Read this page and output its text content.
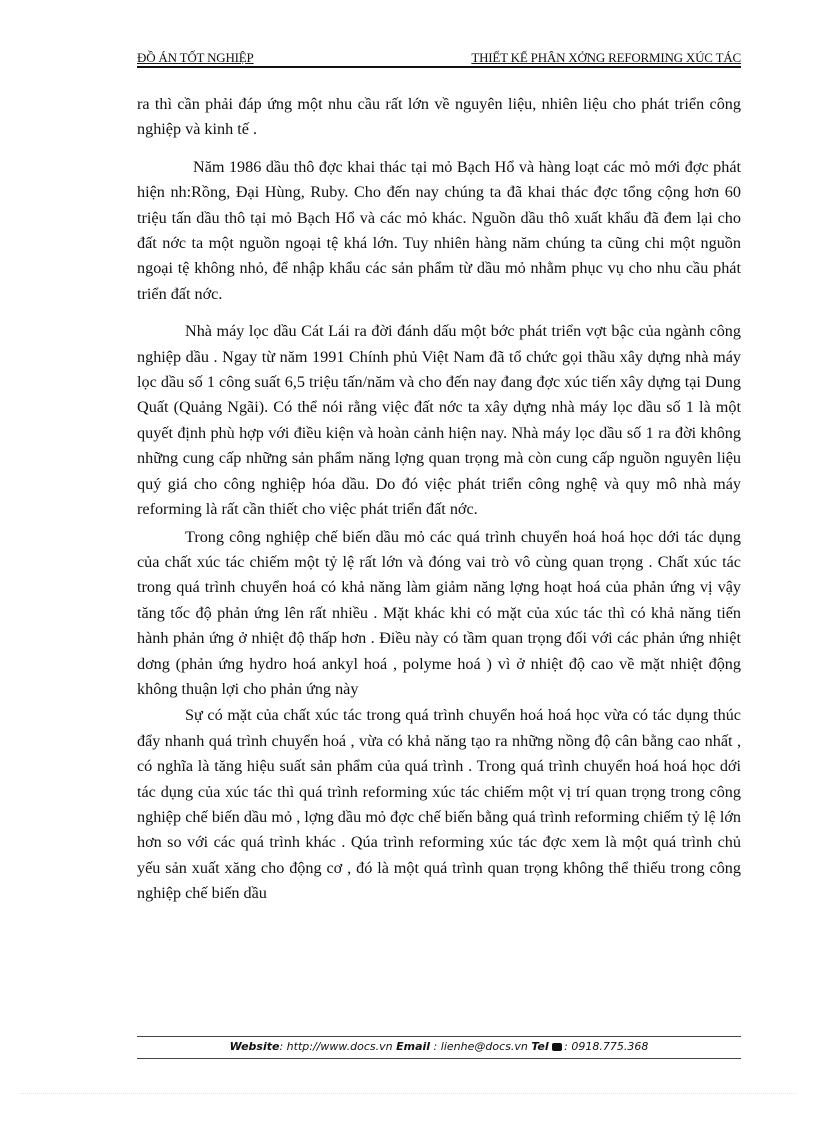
ĐỒ ÁN TỐT NGHIỆP	THIẾT KẾ PHÂN XỞNG REFORMING XÚC TÁC

ra thì cần phải đáp ứng một nhu cầu rất lớn về nguyên liệu, nhiên liệu cho phát triển công nghiệp và kinh tế .

Năm 1986 dầu thô đợc khai thác tại mỏ Bạch Hổ và hàng loạt các mỏ mới đợc phát hiện nh:Rồng, Đại Hùng, Ruby. Cho đến nay chúng ta đã khai thác đợc tổng cộng hơn 60 triệu tấn dầu thô tại mỏ Bạch Hổ và các mỏ khác. Nguồn dầu thô xuất khẩu đã đem lại cho đất nớc ta một nguồn ngoại tệ khá lớn. Tuy nhiên hàng năm chúng ta cũng chi một nguồn ngoại tệ không nhỏ, để nhập khẩu các sản phẩm từ dầu mỏ nhằm phục vụ cho nhu cầu phát triển đất nớc.

Nhà máy lọc dầu Cát Lái ra đời đánh dấu một bớc phát triển vợt bậc của ngành công nghiệp dầu . Ngay từ năm 1991 Chính phủ Việt Nam đã tổ chức gọi thầu xây dựng nhà máy lọc dầu số 1 công suất 6,5 triệu tấn/năm và cho đến nay đang đợc xúc tiến xây dựng tại Dung Quất (Quảng Ngãi). Có thể nói rằng việc đất nớc ta xây dựng nhà máy lọc dầu số 1 là một quyết định phù hợp với điều kiện và hoàn cảnh hiện nay. Nhà máy lọc dầu số 1 ra đời không những cung cấp những sản phẩm năng lợng quan trọng mà còn cung cấp nguồn nguyên liệu quý giá cho công nghiệp hóa dầu. Do đó việc phát triển công nghệ và quy mô nhà máy reforming là rất cần thiết cho việc phát triển đất nớc.

Trong công nghiệp chế biến dầu mỏ các quá trình chuyển hoá hoá học dới tác dụng của chất xúc tác chiếm một tỷ lệ rất lớn và đóng vai trò vô cùng quan trọng . Chất xúc tác trong quá trình chuyển hoá có khả năng làm giảm năng lợng hoạt hoá của phản ứng vị vậy tăng tốc độ phản ứng lên rất nhiều . Mặt khác khi có mặt của xúc tác thì có khả năng tiến hành phản ứng ở nhiệt độ thấp hơn . Điều này có tầm quan trọng đối với các phản ứng nhiệt dơng (phản ứng hydro hoá ankyl hoá , polyme hoá ) vì ở nhiệt độ cao về mặt nhiệt động không thuận lợi cho phản ứng này

Sự có mặt của chất xúc tác trong quá trình chuyển hoá hoá học vừa có tác dụng thúc đẩy nhanh quá trình chuyển hoá , vừa có khả năng tạo ra những nồng độ cân bằng cao nhất , có nghĩa là tăng hiệu suất sản phẩm của quá trình . Trong quá trình chuyển hoá hoá học dới tác dụng của xúc tác thì quá trình reforming xúc tác chiếm một vị trí quan trọng trong công nghiệp chế biến dầu mỏ , lợng dầu mỏ đợc chế biến bằng quá trình reforming chiếm tỷ lệ lớn hơn so với các quá trình khác . Qúa trình reforming xúc tác đợc xem là một quá trình chủ yếu sản xuất xăng cho động cơ , đó là một quá trình quan trọng không thể thiếu trong công nghiệp chế biến dầu

Website: http://www.docs.vn Email : lienhe@docs.vn Tel : 0918.775.368
